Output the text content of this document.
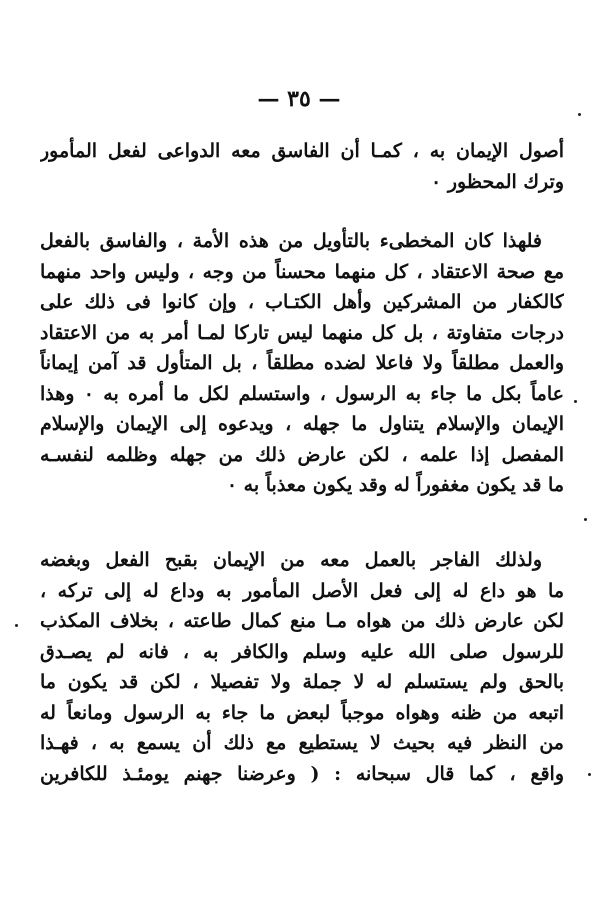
— ٣٥ —
أصول الإيمان به ، كمـا أن الفاسق معه الدواعى لفعل المأمور
وترك المحظور ٠
فلهذا كان المخطىء بالتأويل من هذه الأمة ، والفاسق بالفعل
مع صحة الاعتقاد ، كل منهما محسناً من وجه ، وليس واحد منهما
كالكفار من المشركين وأهل الكتـاب ، وإن كانوا فى ذلك على
درجات متفاوتة ، بل كل منهما ليس تاركا لمـا أمر به من الاعتقاد
والعمل مطلقاً ولا فاعلا لضده مطلقاً ، بل المتأول قد آمن إيماناً
عاماً بكل ما جاء به الرسول ، واستسلم لكل ما أمره به ٠ وهذا
الإيمان والإسلام يتناول ما جهله ، ويدعوه إلى الإيمان والإسلام
المفصل إذا علمه ، لكن عارض ذلك من جهله وظلمه لنفسـه
ما قد يكون مغفوراً له وقد يكون معذباً به ٠
ولذلك الفاجر بالعمل معه من الإيمان بقبح الفعل وبغضه
ما هو داع له إلى فعل الأصل المأمور به وداع له إلى تركه ،
لكن عارض ذلك من هواه مـا منع كمال طاعته ، بخلاف المكذب
للرسول صلى الله عليه وسلم والكافر به ، فانه لم يصـدق
بالحق ولم يستسلم له لا جملة ولا تفصيلا ، لكن قد يكون ما
اتبعه من ظنه وهواه موجباً لبعض ما جاء به الرسول ومانعاً له
من النظر فيه بحيث لا يستطيع مع ذلك أن يسمع به ، فهـذا
واقع ، كما قال سبحانه : ( وعرضنا جهنم يومئـذ للكافرين
